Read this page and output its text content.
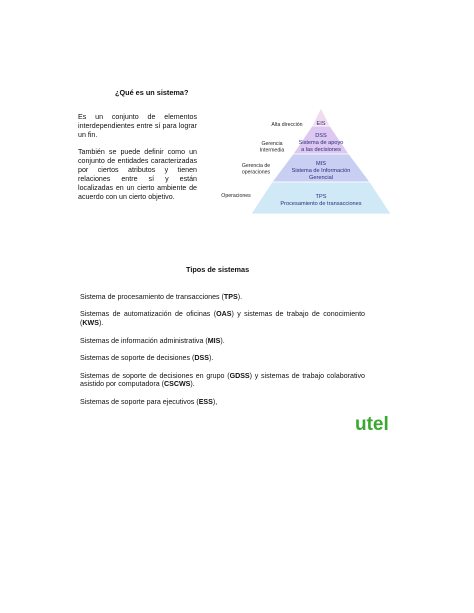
¿Qué es un sistema?
Es un conjunto de elementos interdependientes entre sí para lograr un fin.
También se puede definir como un conjunto de entidades caracterizadas por ciertos atributos y tienen relaciones entre sí y están localizadas en un cierto ambiente de acuerdo con un cierto objetivo.
Alta dirección
Gerencia Intermedia
Gerencia de operaciones
Operaciones
EIS
DSS Sistema de apoyo a las decisiones
MIS Sistema de Información Gerencial
TPS Procesamiento de transacciones
Tipos de sistemas
Sistema de procesamiento de transacciones (TPS).
Sistemas de automatización de oficinas (OAS) y sistemas de trabajo de conocimiento (KWS).
Sistemas de información administrativa (MIS).
Sistemas de soporte de decisiones (DSS).
Sistemas de soporte de decisiones en grupo (GDSS) y sistemas de trabajo colaborativo asistido por computadora (CSCWS).
Sistemas de soporte para ejecutivos (ESS),
utel
